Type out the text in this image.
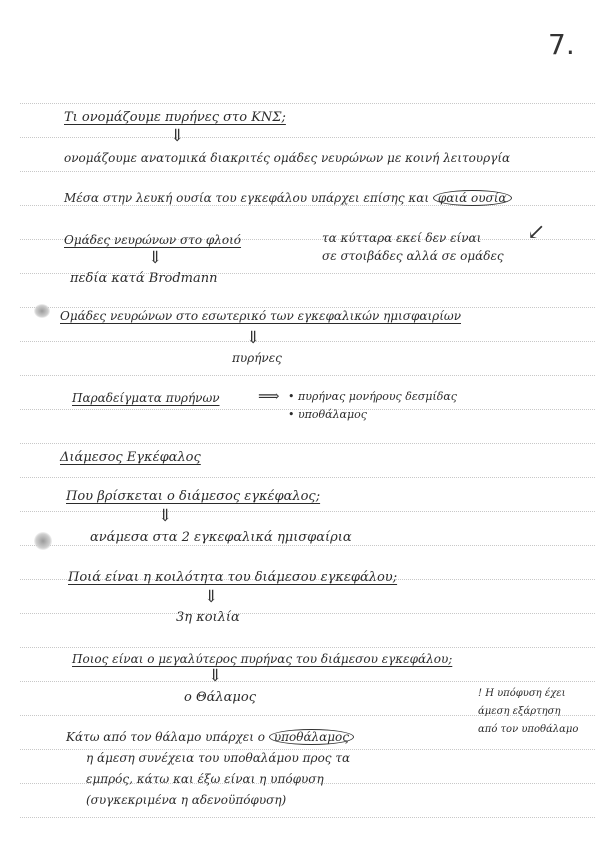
7.
Τι ονομάζουμε πυρήνες στο ΚΝΣ;
⇓
ονομάζουμε ανατομικά διακριτές ομάδες νευρώνων με κοινή λειτουργία
Μέσα στην λευκή ουσία του εγκεφάλου υπάρχει επίσης και φαιά ουσία
↙
Ομάδες νευρώνων στο φλοιό	τα κύτταρα εκεί δεν είναι
σε στοιβάδες αλλά σε ομάδες
⇓
πεδία κατά Brodmann
Ομάδες νευρώνων στο εσωτερικό των εγκεφαλικών ημισφαιρίων
⇓
πυρήνες
Παραδείγματα πυρήνων	⟹ • πυρήνας μονήρους δεσμίδας
• υποθάλαμος
Διάμεσος Εγκέφαλος
Που βρίσκεται ο διάμεσος εγκέφαλος;
⇓
ανάμεσα στα 2 εγκεφαλικά ημισφαίρια
Ποιά είναι η κοιλότητα του διάμεσου εγκεφάλου;
⇓
3η κοιλία
Ποιος είναι ο μεγαλύτερος πυρήνας του διάμεσου εγκεφάλου;
⇓
ο Θάλαμος	! Η υπόφυση έχει
άμεση εξάρτηση
από τον υποθάλαμο
Κάτω από τον θάλαμο υπάρχει ο υποθάλαμος
η άμεση συνέχεια του υποθαλάμου προς τα
εμπρός, κάτω και έξω είναι η υπόφυση
(συγκεκριμένα η αδενοϋπόφυση)
